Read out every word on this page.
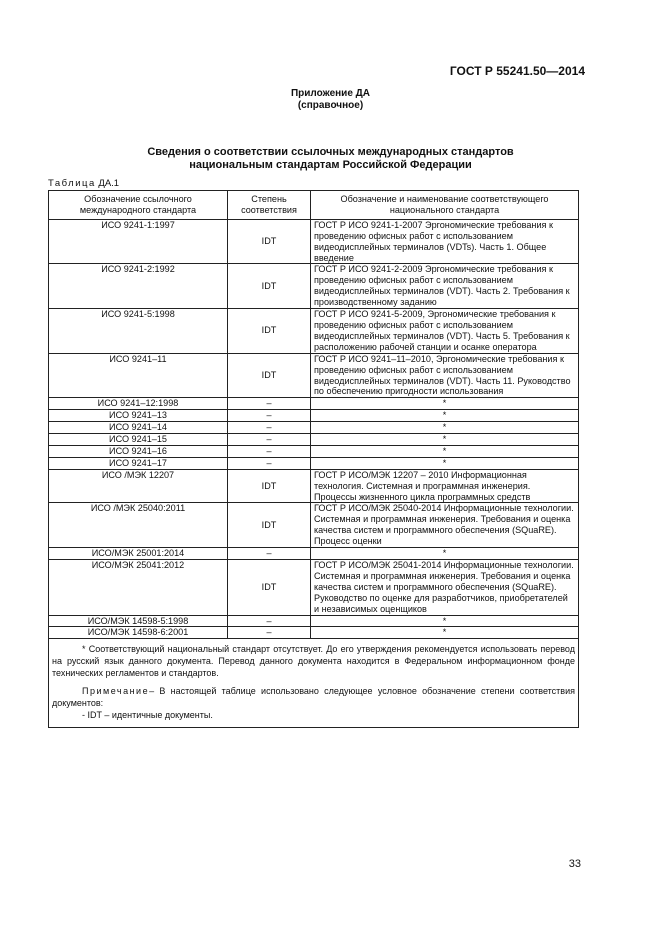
ГОСТ Р 55241.50—2014
Приложение ДА
(справочное)
Сведения о соответствии ссылочных международных стандартов
национальным стандартам Российской Федерации
Таблица ДА.1
Обозначение ссылочного международного стандарта	Степень соответствия	Обозначение и наименование соответствующего национального стандарта
ИСО 9241-1:1997	IDT	ГОСТ Р ИСО 9241-1-2007 Эргономические требования к проведению офисных работ с использованием видеодисплейных терминалов (VDTs). Часть 1. Общее введение
ИСО 9241-2:1992	IDT	ГОСТ Р ИСО 9241-2-2009 Эргономические требования к проведению офисных работ с использованием видеодисплейных терминалов (VDT). Часть 2. Требования к производственному заданию
ИСО 9241-5:1998	IDT	ГОСТ Р ИСО 9241-5-2009, Эргономические требования к проведению офисных работ с использованием видеодисплейных терминалов (VDT). Часть 5. Требования к расположению рабочей станции и осанке оператора
ИСО 9241–11	IDT	ГОСТ Р ИСО 9241–11–2010, Эргономические требования к проведению офисных работ с использованием видеодисплейных терминалов (VDT). Часть 11. Руководство по обеспечению пригодности использования
ИСО 9241–12:1998	–	*
ИСО 9241–13	–	*
ИСО 9241–14	–	*
ИСО 9241–15	–	*
ИСО 9241–16	–	*
ИСО 9241–17	–	*
ИСО /МЭК 12207	IDT	ГОСТ Р ИСО/МЭК 12207 – 2010 Информационная технология. Системная и программная инженерия. Процессы жизненного цикла программных средств
ИСО /МЭК 25040:2011	IDT	ГОСТ Р ИСО/МЭК 25040-2014 Информационные технологии. Системная и программная инженерия. Требования и оценка качества систем и программного обеспечения (SQuaRE). Процесс оценки
ИСО/МЭК 25001:2014	–	*
ИСО/МЭК 25041:2012	IDT	ГОСТ Р ИСО/МЭК 25041-2014 Информационные технологии. Системная и программная инженерия. Требования и оценка качества систем и программного обеспечения (SQuaRE). Руководство по оценке для разработчиков, приобретателей и независимых оценщиков
ИСО/МЭК 14598-5:1998	–	*
ИСО/МЭК 14598-6:2001	–	*

* Соответствующий национальный стандарт отсутствует. До его утверждения рекомендуется использовать перевод на русский язык данного документа. Перевод данного документа находится в Федеральном информационном фонде технических регламентов и стандартов.

Примечание– В настоящей таблице использовано следующее условное обозначение степени соответствия документов:

- IDT – идентичные документы.		

33
